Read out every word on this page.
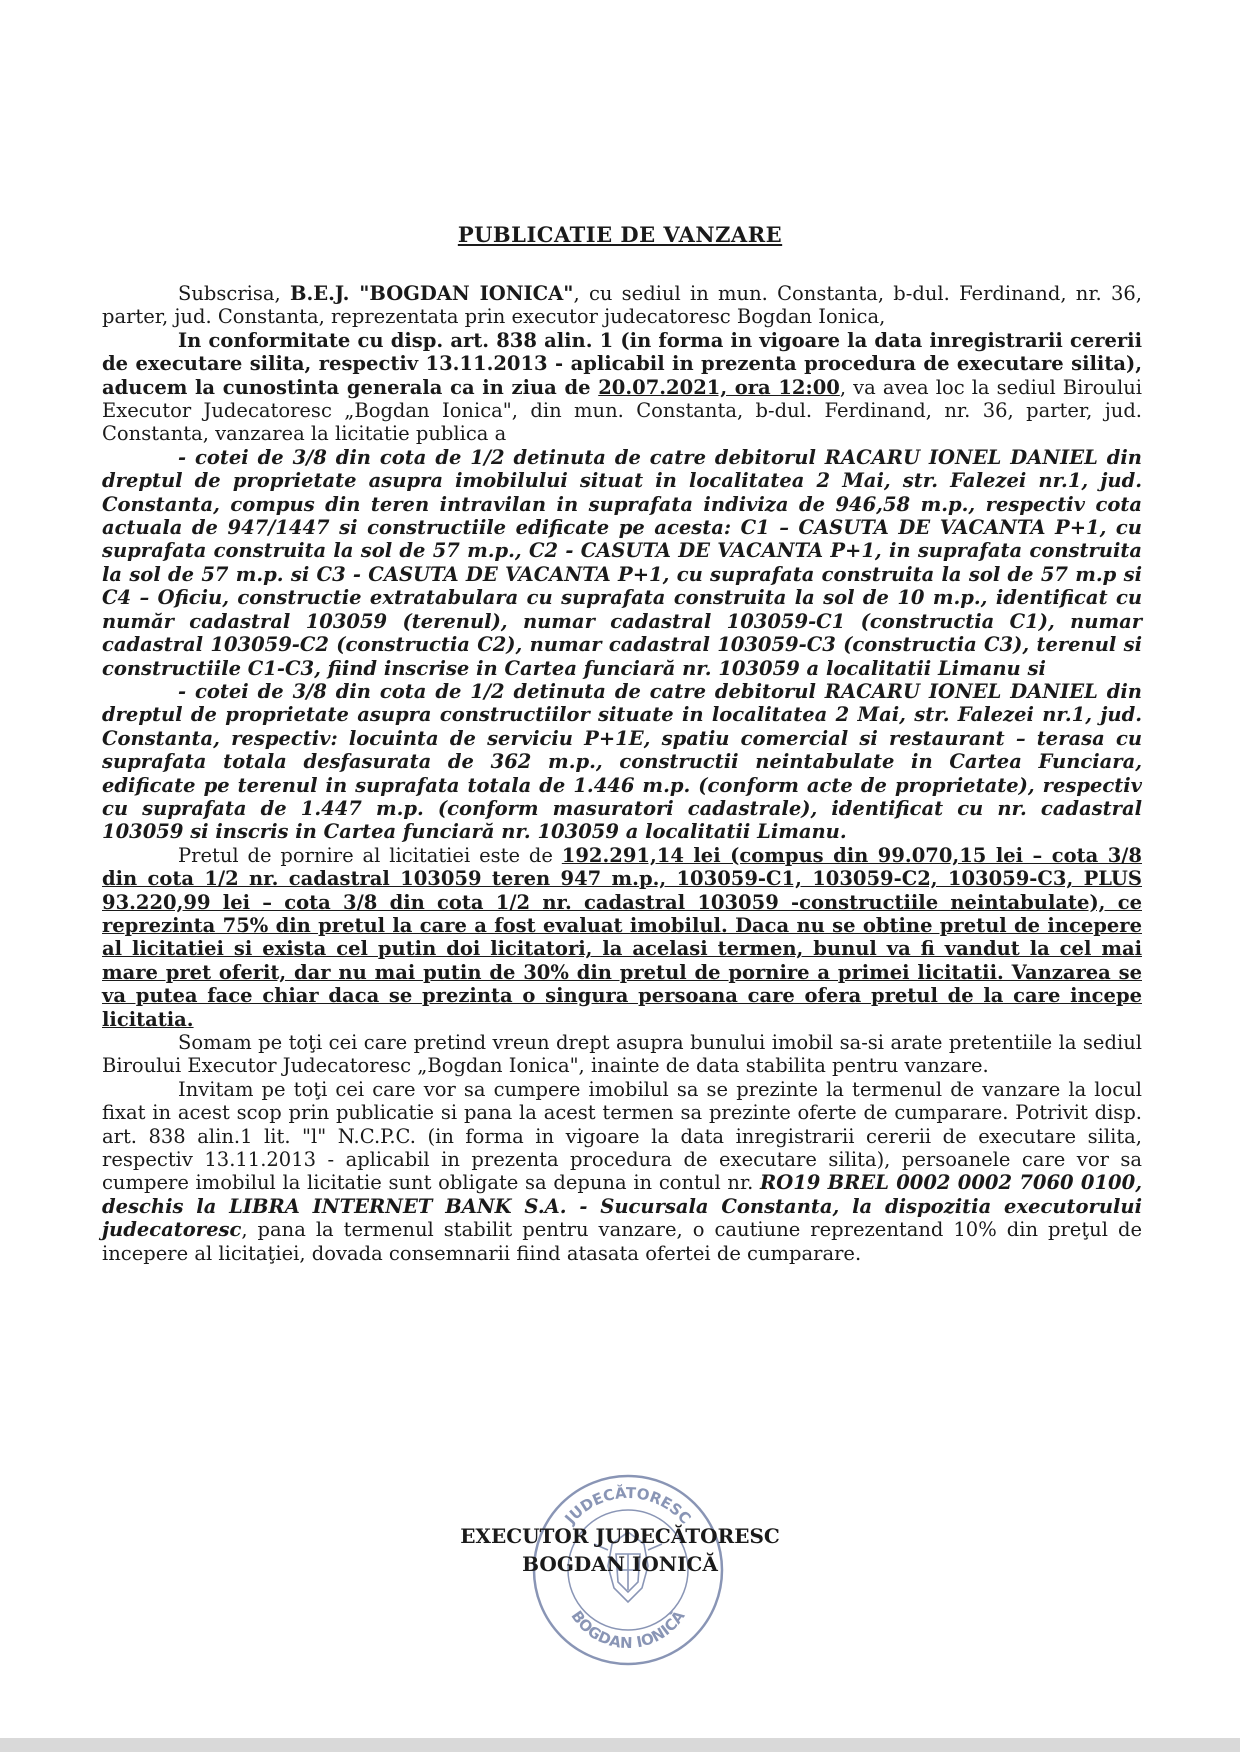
PUBLICATIE DE VANZARE

Subscrisa, B.E.J. "BOGDAN IONICA", cu sediul in mun. Constanta, b-dul. Ferdinand, nr. 36, parter, jud. Constanta, reprezentata prin executor judecatoresc Bogdan Ionica,

In conformitate cu disp. art. 838 alin. 1 (in forma in vigoare la data inregistrarii cererii de executare silita, respectiv 13.11.2013 - aplicabil in prezenta procedura de executare silita), aducem la cunostinta generala ca in ziua de 20.07.2021, ora 12:00, va avea loc la sediul Biroului Executor Judecatoresc „Bogdan Ionica", din mun. Constanta, b-dul. Ferdinand, nr. 36, parter, jud. Constanta, vanzarea la licitatie publica a

- cotei de 3/8 din cota de 1/2 detinuta de catre debitorul RACARU IONEL DANIEL din dreptul de proprietate asupra imobilului situat in localitatea 2 Mai, str. Falezei nr.1, jud. Constanta, compus din teren intravilan in suprafata indiviza de 946,58 m.p., respectiv cota actuala de 947/1447 si constructiile edificate pe acesta: C1 – CASUTA DE VACANTA P+1, cu suprafata construita la sol de 57 m.p., C2 - CASUTA DE VACANTA P+1, in suprafata construita la sol de 57 m.p. si C3 - CASUTA DE VACANTA P+1, cu suprafata construita la sol de 57 m.p si C4 – Oficiu, constructie extratabulara cu suprafata construita la sol de 10 m.p., identificat cu număr cadastral 103059 (terenul), numar cadastral 103059-C1 (constructia C1), numar cadastral 103059-C2 (constructia C2), numar cadastral 103059-C3 (constructia C3), terenul si constructiile C1-C3, fiind inscrise in Cartea funciară nr. 103059 a localitatii Limanu si

- cotei de 3/8 din cota de 1/2 detinuta de catre debitorul RACARU IONEL DANIEL din dreptul de proprietate asupra constructiilor situate in localitatea 2 Mai, str. Falezei nr.1, jud. Constanta, respectiv: locuinta de serviciu P+1E, spatiu comercial si restaurant – terasa cu suprafata totala desfasurata de 362 m.p., constructii neintabulate in Cartea Funciara, edificate pe terenul in suprafata totala de 1.446 m.p. (conform acte de proprietate), respectiv cu suprafata de 1.447 m.p. (conform masuratori cadastrale), identificat cu nr. cadastral 103059 si inscris in Cartea funciară nr. 103059 a localitatii Limanu.

Pretul de pornire al licitatiei este de 192.291,14 lei (compus din 99.070,15 lei – cota 3/8 din cota 1/2 nr. cadastral 103059 teren 947 m.p., 103059-C1, 103059-C2, 103059-C3, PLUS 93.220,99 lei – cota 3/8 din cota 1/2 nr. cadastral 103059 -constructiile neintabulate), ce reprezinta 75% din pretul la care a fost evaluat imobilul. Daca nu se obtine pretul de incepere al licitatiei si exista cel putin doi licitatori, la acelasi termen, bunul va fi vandut la cel mai mare pret oferit, dar nu mai putin de 30% din pretul de pornire a primei licitatii. Vanzarea se va putea face chiar daca se prezinta o singura persoana care ofera pretul de la care incepe licitatia.

Somam pe toţi cei care pretind vreun drept asupra bunului imobil sa-si arate pretentiile la sediul Biroului Executor Judecatoresc „Bogdan Ionica", inainte de data stabilita pentru vanzare.

Invitam pe toţi cei care vor sa cumpere imobilul sa se prezinte la termenul de vanzare la locul fixat in acest scop prin publicatie si pana la acest termen sa prezinte oferte de cumparare. Potrivit disp. art. 838 alin.1 lit. "l" N.C.P.C. (in forma in vigoare la data inregistrarii cererii de executare silita, respectiv 13.11.2013 - aplicabil in prezenta procedura de executare silita), persoanele care vor sa cumpere imobilul la licitatie sunt obligate sa depuna in contul nr. RO19 BREL 0002 0002 7060 0100, deschis la LIBRA INTERNET BANK S.A. - Sucursala Constanta, la dispozitia executorului judecatoresc, pana la termenul stabilit pentru vanzare, o cautiune reprezentand 10% din preţul de incepere al licitaţiei, dovada consemnarii fiind atasata ofertei de cumparare.

JUDECĂTORESC
BOGDAN IONICĂ
EXECUTOR JUDECĂTORESC
BOGDAN IONICĂ
